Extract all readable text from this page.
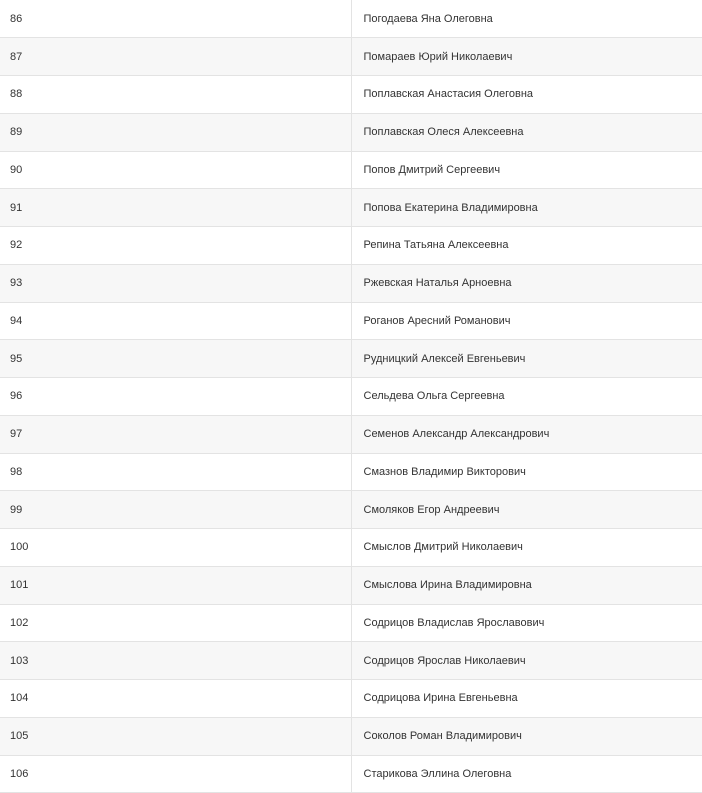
86	Погодаева Яна Олеговна
87	Помараев Юрий Николаевич
88	Поплавская Анастасия Олеговна
89	Поплавская Олеся Алексеевна
90	Попов Дмитрий Сергеевич
91	Попова Екатерина Владимировна
92	Репина Татьяна Алексеевна
93	Ржевская Наталья Арноевна
94	Роганов Аресний Романович
95	Рудницкий Алексей Евгеньевич
96	Сельдева Ольга Сергеевна
97	Семенов Александр Александрович
98	Смазнов Владимир Викторович
99	Смоляков Егор Андреевич
100	Смыслов Дмитрий Николаевич
101	Смыслова Ирина Владимировна
102	Содрицов Владислав Ярославович
103	Содрицов Ярослав Николаевич
104	Содрицова Ирина Евгеньевна
105	Соколов Роман Владимирович
106	Старикова Эллина Олеговна
